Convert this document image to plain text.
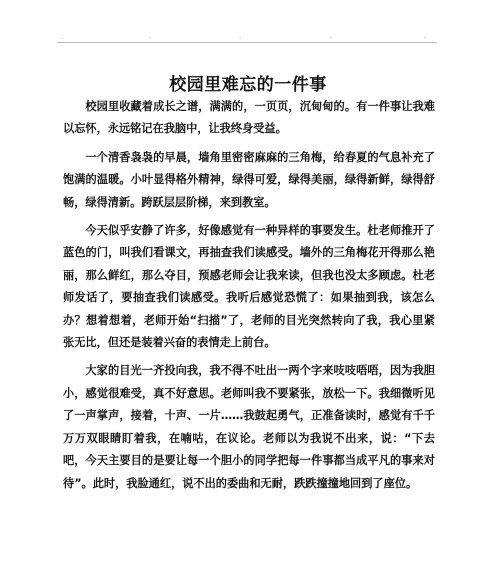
..	-	-	-	-
校园里难忘的一件事

校园里收藏着成长之谱，满满的，一页页，沉甸甸的。有一件事让我难以忘怀，永远铭记在我脑中，让我终身受益。

一个清香袅袅的早晨，墙角里密密麻麻的三角梅，给春夏的气息补充了饱满的温暖。小叶显得格外精神，绿得可爱，绿得美丽，绿得新鲜，绿得舒畅，绿得清新。跨跃层层阶梯，来到教室。

今天似乎安静了许多，好像感觉有一种异样的事要发生。杜老师推开了蓝色的门，叫我们看课文，再抽查我们读感受。墙外的三角梅花开得那么艳丽，那么鲜红，那么夺目，预感老师会让我来读，但我也没太多顾虑。杜老师发话了，要抽查我们读感受。我听后感觉恐慌了：如果抽到我，该怎么办？想着想着，老师开始“扫描”了，老师的目光突然转向了我，我心里紧张无比，但还是装着兴奋的表情走上前台。

大家的目光一齐投向我，我不得不吐出一两个字来吱吱唔唔，因为我胆小，感觉很难受，真不好意思。老师叫我不要紧张，放松一下。我细微听见了一声掌声，接着，十声、一片……我鼓起勇气，正准备读时，感觉有千千万万双眼睛盯着我，在喃咕，在议论。老师以为我说不出来，说：“下去吧，今天主要目的是要让每一个胆小的同学把每一件事都当成平凡的事来对待”。此时，我脸通红，说不出的委曲和无耐，跌跌撞撞地回到了座位。
